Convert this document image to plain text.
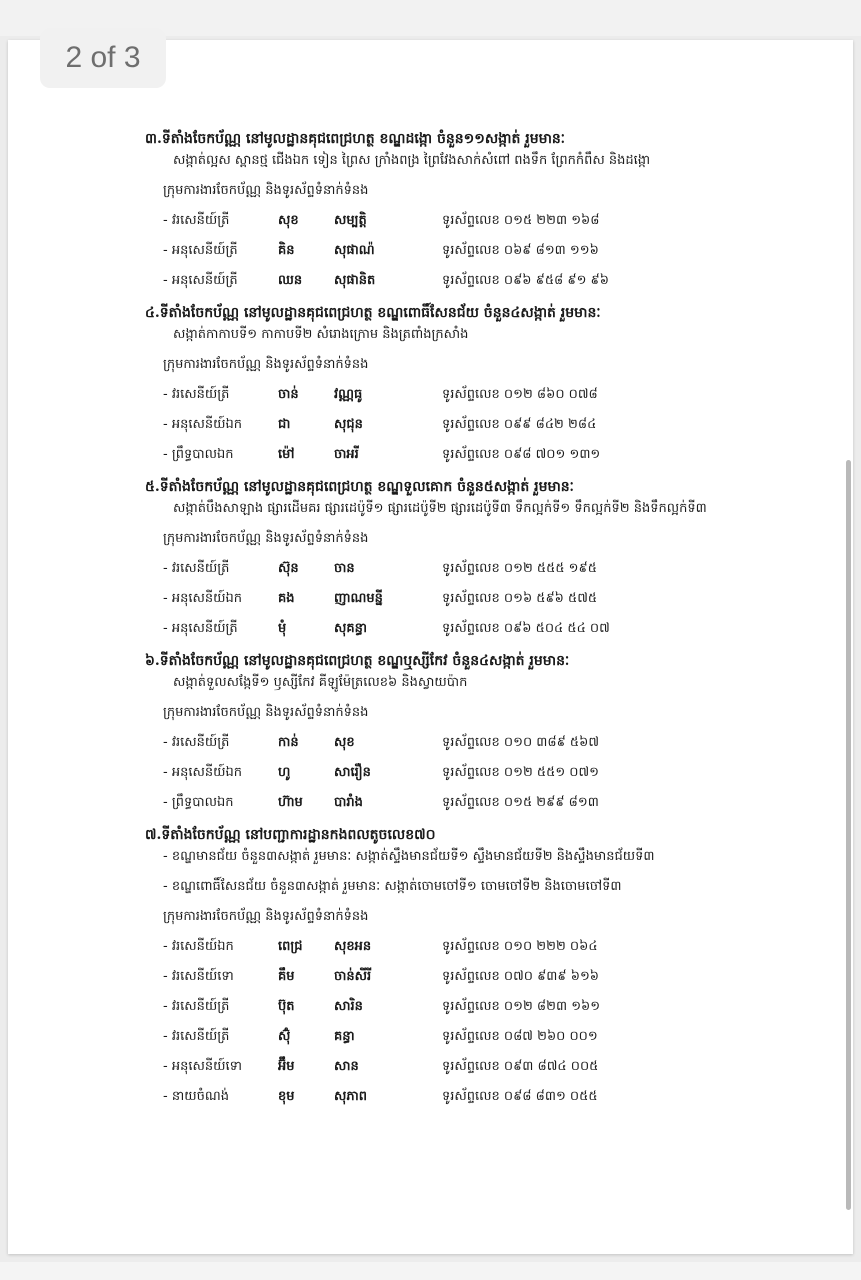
2 of 3
៣.ទីតាំងចែកប័ណ្ណ នៅមូលដ្ឋានគុជពេជ្រហត្ថ ខណ្ឌដង្កោ ចំនួន១១សង្កាត់ រួមមានៈ
សង្កាត់ល្អស ស្ពានថ្ម ជើងឯក ទៀន ព្រៃស ក្រាំងពង្រ ព្រៃវែងសាក់សំពៅ ពងទឹក ព្រែកកំពឹស និងដង្កោ
ក្រុមការងារចែកប័ណ្ណ និងទូរស័ព្ទទំនាក់ទំនង
- វរសេនីយ៍ត្រី	សុខ	សម្បត្តិ	ទូរស័ព្ទលេខ ០១៥ ២២៣ ១៦៨
- អនុសេនីយ៍ត្រី	គិន	សុផាណ៉	ទូរស័ព្ទលេខ ០៦៩ ៨១៣ ១១៦
- អនុសេនីយ៍ត្រី	ឈន	សុផានិត	ទូរស័ព្ទលេខ ០៩៦ ៩៥៨ ៩១ ៩៦
៤.ទីតាំងចែកប័ណ្ណ នៅមូលដ្ឋានគុជពេជ្រហត្ថ ខណ្ឌពោធិ៍សែនជ័យ ចំនួន៤សង្កាត់ រួមមានៈ
សង្កាត់កាកាបទី១ កាកាបទី២ សំរោងក្រោម និងត្រពាំងក្រសាំង
ក្រុមការងារចែកប័ណ្ណ និងទូរស័ព្ទទំនាក់ទំនង
- វរសេនីយ៍ត្រី	ចាន់	វណ្ណធូ	ទូរស័ព្ទលេខ ០១២ ៨៦០ ០៧៨
- អនុសេនីយ៍ឯក	ជា	សុជុន	ទូរស័ព្ទលេខ ០៩៩ ៨៤២ ២៨៤
- ព្រឹទ្ធបាលឯក	ម៉ៅ	ចាអរី	ទូរស័ព្ទលេខ ០៩៨ ៧០១ ១៣១
៥.ទីតាំងចែកប័ណ្ណ នៅមូលដ្ឋានគុជពេជ្រហត្ថ ខណ្ឌទួលគោក ចំនួន៥សង្កាត់ រួមមានៈ
សង្កាត់បឹងសាឡាង ផ្សារដើមគរ ផ្សារដេប៉ូទី១ ផ្សារដេប៉ូទី២ ផ្សារដេប៉ូទី៣ ទឹកល្អក់ទី១ ទឹកល្អក់ទី២ និងទឹកល្អក់ទី៣
ក្រុមការងារចែកប័ណ្ណ និងទូរស័ព្ទទំនាក់ទំនង
- វរសេនីយ៍ត្រី	ស៊ុន	ចាន	ទូរស័ព្ទលេខ ០១២ ៥៥៥ ១៩៥
- អនុសេនីយ៍ឯក	គង	ញាណមន្នី	ទូរស័ព្ទលេខ ០១៦ ៥៩៦ ៥៧៥
- អនុសេនីយ៍ត្រី	មុំ	សុគន្ធា	ទូរស័ព្ទលេខ ០៩៦ ៥០៤ ៥៤ ០៧
៦.ទីតាំងចែកប័ណ្ណ នៅមូលដ្ឋានគុជពេជ្រហត្ថ ខណ្ឌឬស្សីកែវ ចំនួន៤សង្កាត់ រួមមានៈ
សង្កាត់ទួលសង្កែទី១ ឫស្សីកែវ គីឡូម៉ែត្រលេខ៦ និងស្វាយប៉ាក
ក្រុមការងារចែកប័ណ្ណ និងទូរស័ព្ទទំនាក់ទំនង
- វរសេនីយ៍ត្រី	កាន់	សុខ	ទូរស័ព្ទលេខ ០១០ ៣៨៩ ៥៦៧
- អនុសេនីយ៍ឯក	ហូ	សារឿន	ទូរស័ព្ទលេខ ០១២ ៥៥១ ០៧១
- ព្រឹទ្ធបាលឯក	ហ៊ាម	បារាំង	ទូរស័ព្ទលេខ ០១៥ ២៩៩ ៨១៣
៧.ទីតាំងចែកប័ណ្ណ នៅបញ្ជាការដ្ឋានកងពលតូចលេខ៧០
- ខណ្ឌមានជ័យ ចំនួន៣សង្កាត់ រួមមានៈ សង្កាត់ស្ទឹងមានជ័យទី១ ស្ទឹងមានជ័យទី២ និងស្ទឹងមានជ័យទី៣
- ខណ្ឌពោធិ៍សែនជ័យ ចំនួន៣សង្កាត់ រួមមានៈ សង្កាត់ចោមចៅទី១ ចោមចៅទី២ និងចោមចៅទី៣
ក្រុមការងារចែកប័ណ្ណ និងទូរស័ព្ទទំនាក់ទំនង
- វរសេនីយ៍ឯក	ពេជ្រ	សុខអន	ទូរស័ព្ទលេខ ០១០ ២២២ ០៦៤
- វរសេនីយ៍ទោ	គឹម	ចាន់សីរី	ទូរស័ព្ទលេខ ០៧០ ៩៣៩ ៦១៦
- វរសេនីយ៍ត្រី	ប៊ុត	សារិន	ទូរស័ព្ទលេខ ០១២ ៨២៣ ១៦១
- វរសេនីយ៍ត្រី	ស៊ុំ	គន្ធា	ទូរស័ព្ទលេខ ០៨៧ ២៦០ ០០១
- អនុសេនីយ៍ទោ	អ៊ឹម	សាន	ទូរស័ព្ទលេខ ០៩៣ ៨៧៤ ០០៥
- នាយចំណង់	ខុម	សុភាព	ទូរស័ព្ទលេខ ០៩៨ ៨៣១ ០៥៥
